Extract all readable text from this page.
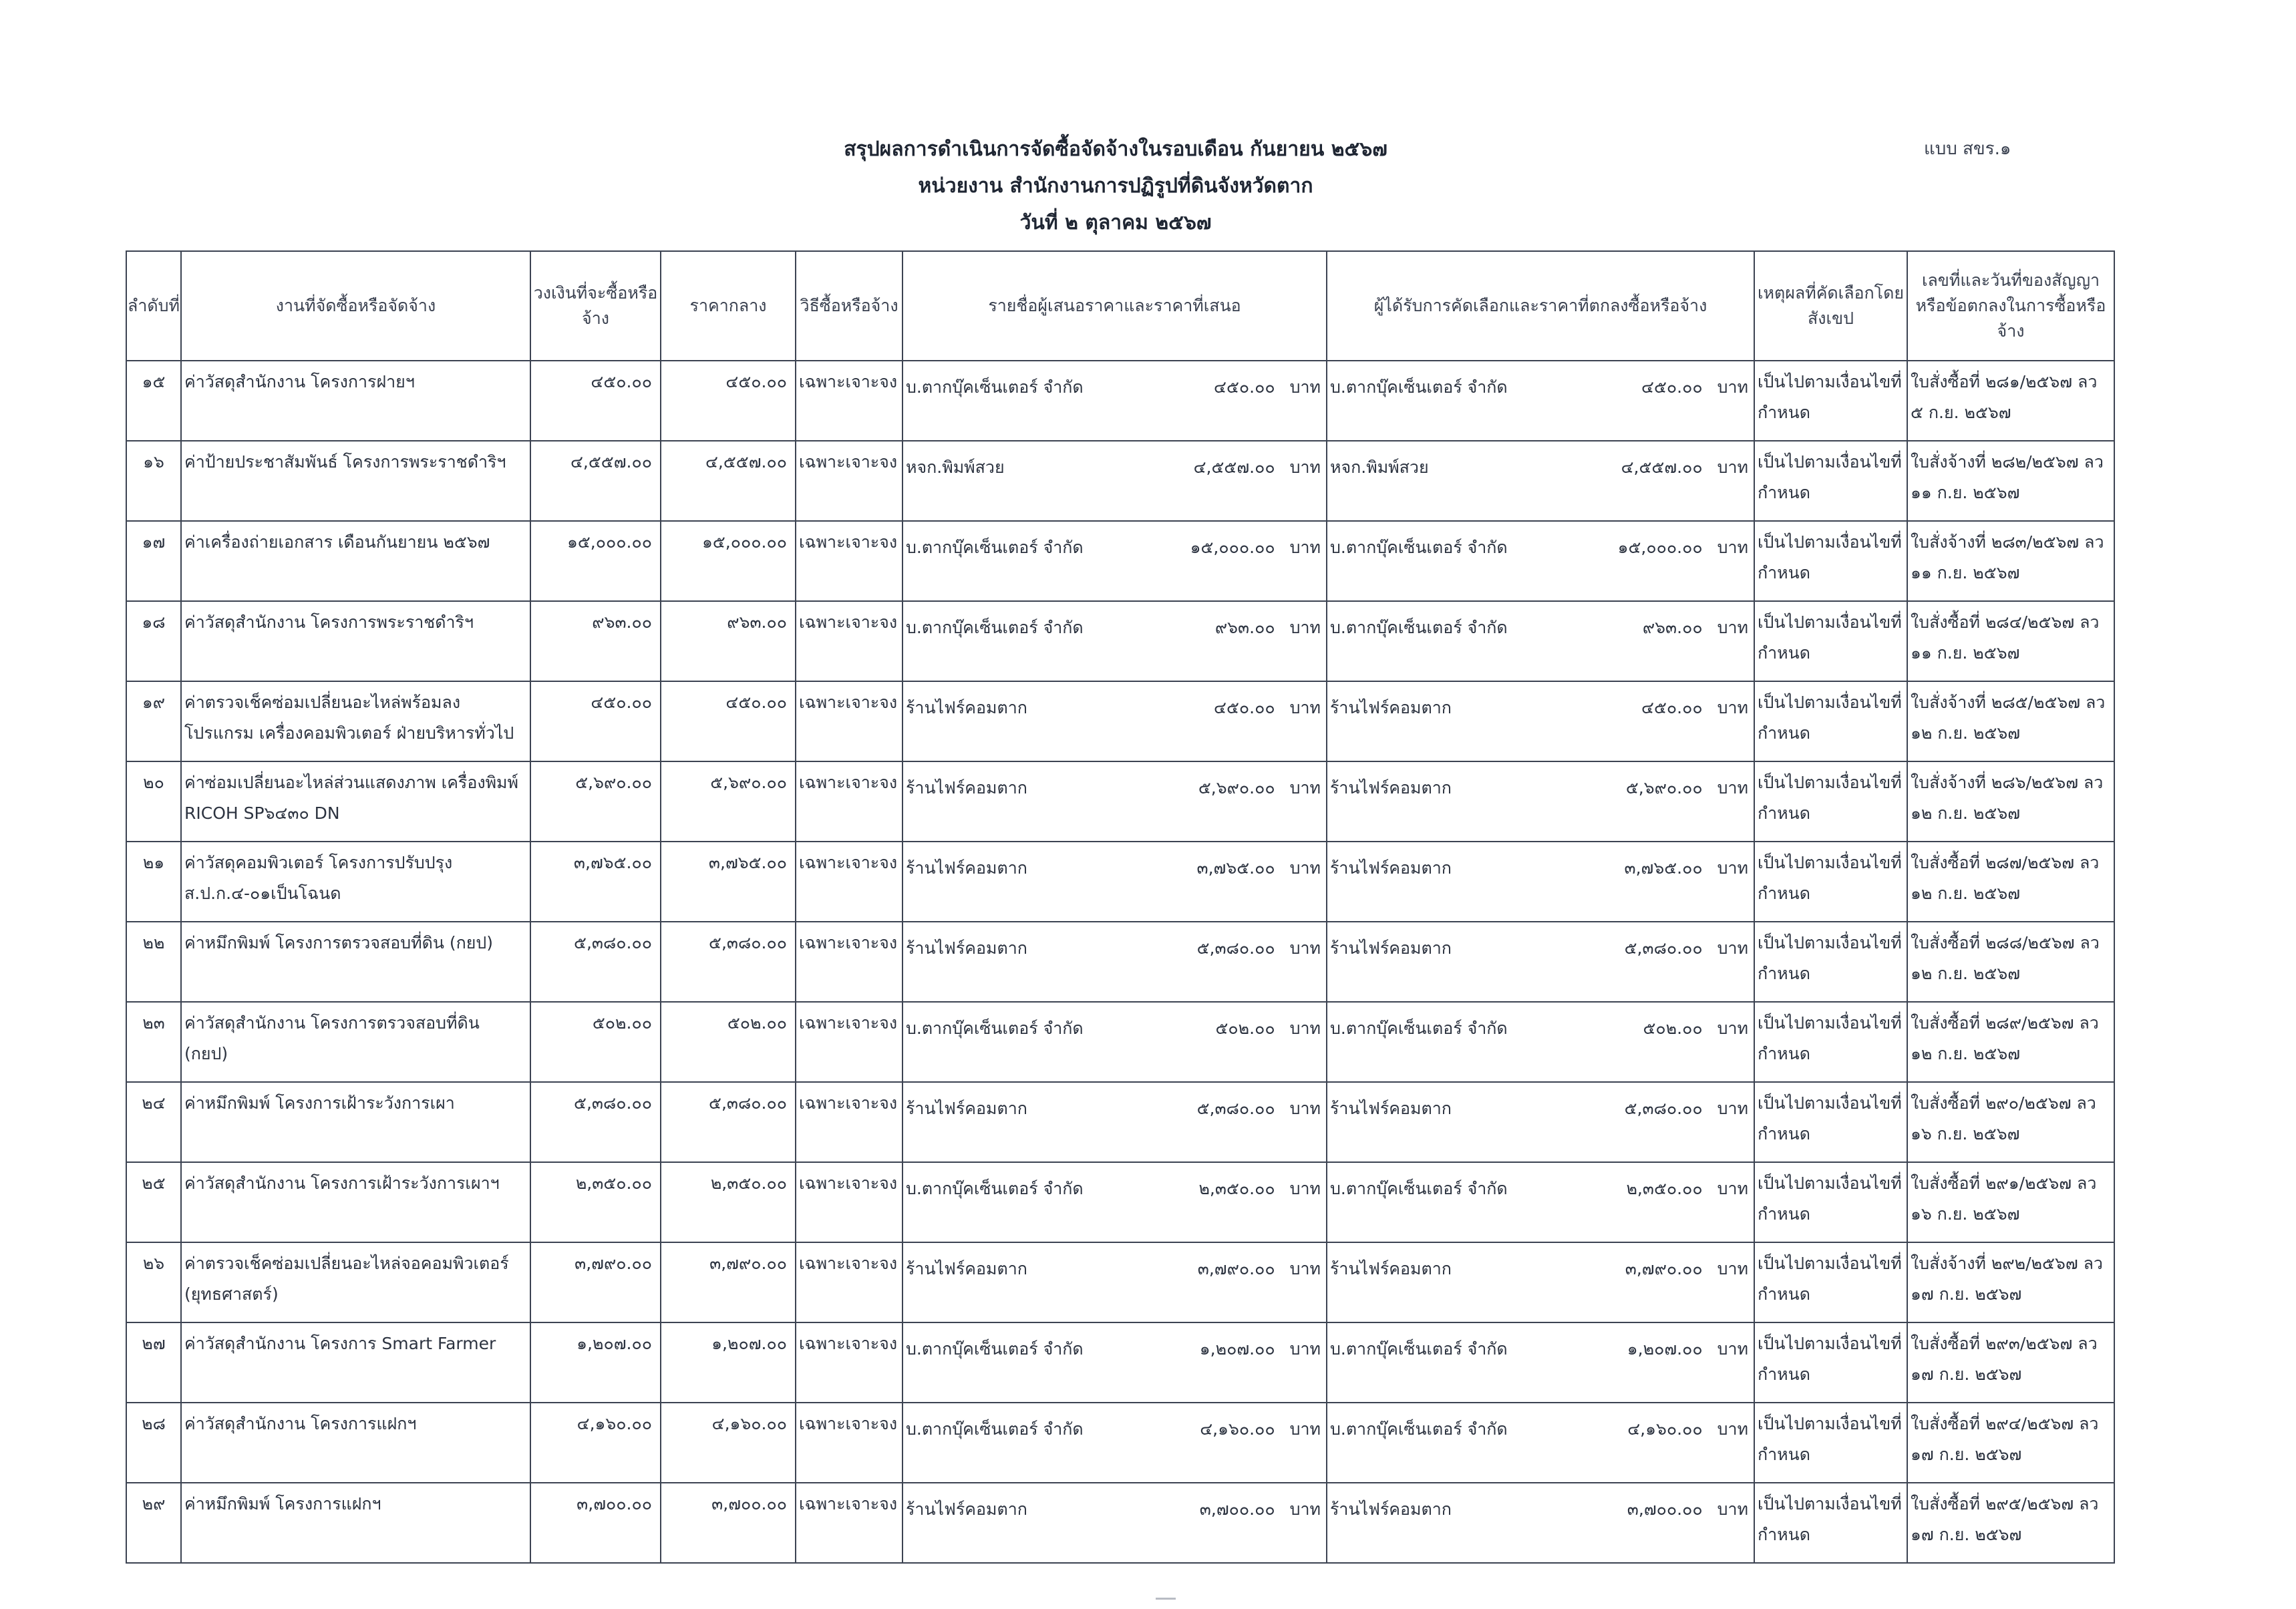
แบบ สขร.๑
สรุปผลการดำเนินการจัดซื้อจัดจ้างในรอบเดือน กันยายน ๒๕๖๗
หน่วยงาน สำนักงานการปฏิรูปที่ดินจังหวัดตาก
วันที่ ๒ ตุลาคม ๒๕๖๗
ลำดับที่	งานที่จัดซื้อหรือจัดจ้าง	วงเงินที่จะซื้อหรือจ้าง	ราคากลาง	วิธีซื้อหรือจ้าง	รายชื่อผู้เสนอราคาและราคาที่เสนอ	ผู้ได้รับการคัดเลือกและราคาที่ตกลงซื้อหรือจ้าง	เหตุผลที่คัดเลือกโดยสังเขป	เลขที่และวันที่ของสัญญาหรือข้อตกลงในการซื้อหรือจ้าง
๑๕	ค่าวัสดุสำนักงาน โครงการฝายฯ	๔๕๐.๐๐	๔๕๐.๐๐	เฉพาะเจาะจง	บ.ตากบุ๊คเซ็นเตอร์ จำกัด ๔๕๐.๐๐ บาท	บ.ตากบุ๊คเซ็นเตอร์ จำกัด ๔๕๐.๐๐ บาท	เป็นไปตามเงื่อนไขที่กำหนด	ใบสั่งซื้อที่ ๒๘๑/๒๕๖๗ ลว ๕ ก.ย. ๒๕๖๗
๑๖	ค่าป้ายประชาสัมพันธ์ โครงการพระราชดำริฯ	๔,๕๕๗.๐๐	๔,๕๕๗.๐๐	เฉพาะเจาะจง	หจก.พิมพ์สวย ๔,๕๕๗.๐๐ บาท	หจก.พิมพ์สวย ๔,๕๕๗.๐๐ บาท	เป็นไปตามเงื่อนไขที่กำหนด	ใบสั่งจ้างที่ ๒๘๒/๒๕๖๗ ลว ๑๑ ก.ย. ๒๕๖๗
๑๗	ค่าเครื่องถ่ายเอกสาร เดือนกันยายน ๒๕๖๗	๑๕,๐๐๐.๐๐	๑๕,๐๐๐.๐๐	เฉพาะเจาะจง	บ.ตากบุ๊คเซ็นเตอร์ จำกัด ๑๕,๐๐๐.๐๐ บาท	บ.ตากบุ๊คเซ็นเตอร์ จำกัด ๑๕,๐๐๐.๐๐ บาท	เป็นไปตามเงื่อนไขที่กำหนด	ใบสั่งจ้างที่ ๒๘๓/๒๕๖๗ ลว ๑๑ ก.ย. ๒๕๖๗
๑๘	ค่าวัสดุสำนักงาน โครงการพระราชดำริฯ	๙๖๓.๐๐	๙๖๓.๐๐	เฉพาะเจาะจง	บ.ตากบุ๊คเซ็นเตอร์ จำกัด ๙๖๓.๐๐ บาท	บ.ตากบุ๊คเซ็นเตอร์ จำกัด ๙๖๓.๐๐ บาท	เป็นไปตามเงื่อนไขที่กำหนด	ใบสั่งซื้อที่ ๒๘๔/๒๕๖๗ ลว ๑๑ ก.ย. ๒๕๖๗
๑๙	ค่าตรวจเช็คซ่อมเปลี่ยนอะไหล่พร้อมลงโปรแกรม เครื่องคอมพิวเตอร์ ฝ่ายบริหารทั่วไป	๔๕๐.๐๐	๔๕๐.๐๐	เฉพาะเจาะจง	ร้านไฟร์คอมตาก ๔๕๐.๐๐ บาท	ร้านไฟร์คอมตาก ๔๕๐.๐๐ บาท	เป็นไปตามเงื่อนไขที่กำหนด	ใบสั่งจ้างที่ ๒๘๕/๒๕๖๗ ลว ๑๒ ก.ย. ๒๕๖๗
๒๐	ค่าซ่อมเปลี่ยนอะไหล่ส่วนแสดงภาพ เครื่องพิมพ์ RICOH SP๖๔๓๐ DN	๕,๖๙๐.๐๐	๕,๖๙๐.๐๐	เฉพาะเจาะจง	ร้านไฟร์คอมตาก ๕,๖๙๐.๐๐ บาท	ร้านไฟร์คอมตาก ๕,๖๙๐.๐๐ บาท	เป็นไปตามเงื่อนไขที่กำหนด	ใบสั่งจ้างที่ ๒๘๖/๒๕๖๗ ลว ๑๒ ก.ย. ๒๕๖๗
๒๑	ค่าวัสดุคอมพิวเตอร์ โครงการปรับปรุง ส.ป.ก.๔-๐๑เป็นโฉนด	๓,๗๖๕.๐๐	๓,๗๖๕.๐๐	เฉพาะเจาะจง	ร้านไฟร์คอมตาก ๓,๗๖๕.๐๐ บาท	ร้านไฟร์คอมตาก ๓,๗๖๕.๐๐ บาท	เป็นไปตามเงื่อนไขที่กำหนด	ใบสั่งซื้อที่ ๒๘๗/๒๕๖๗ ลว ๑๒ ก.ย. ๒๕๖๗
๒๒	ค่าหมึกพิมพ์ โครงการตรวจสอบที่ดิน (กยป)	๕,๓๘๐.๐๐	๕,๓๘๐.๐๐	เฉพาะเจาะจง	ร้านไฟร์คอมตาก ๕,๓๘๐.๐๐ บาท	ร้านไฟร์คอมตาก ๕,๓๘๐.๐๐ บาท	เป็นไปตามเงื่อนไขที่กำหนด	ใบสั่งซื้อที่ ๒๘๘/๒๕๖๗ ลว ๑๒ ก.ย. ๒๕๖๗
๒๓	ค่าวัสดุสำนักงาน โครงการตรวจสอบที่ดิน (กยป)	๕๐๒.๐๐	๕๐๒.๐๐	เฉพาะเจาะจง	บ.ตากบุ๊คเซ็นเตอร์ จำกัด ๕๐๒.๐๐ บาท	บ.ตากบุ๊คเซ็นเตอร์ จำกัด ๕๐๒.๐๐ บาท	เป็นไปตามเงื่อนไขที่กำหนด	ใบสั่งซื้อที่ ๒๘๙/๒๕๖๗ ลว ๑๒ ก.ย. ๒๕๖๗
๒๔	ค่าหมึกพิมพ์ โครงการเฝ้าระวังการเผา	๕,๓๘๐.๐๐	๕,๓๘๐.๐๐	เฉพาะเจาะจง	ร้านไฟร์คอมตาก ๕,๓๘๐.๐๐ บาท	ร้านไฟร์คอมตาก ๕,๓๘๐.๐๐ บาท	เป็นไปตามเงื่อนไขที่กำหนด	ใบสั่งซื้อที่ ๒๙๐/๒๕๖๗ ลว ๑๖ ก.ย. ๒๕๖๗
๒๕	ค่าวัสดุสำนักงาน โครงการเฝ้าระวังการเผาฯ	๒,๓๕๐.๐๐	๒,๓๕๐.๐๐	เฉพาะเจาะจง	บ.ตากบุ๊คเซ็นเตอร์ จำกัด ๒,๓๕๐.๐๐ บาท	บ.ตากบุ๊คเซ็นเตอร์ จำกัด ๒,๓๕๐.๐๐ บาท	เป็นไปตามเงื่อนไขที่กำหนด	ใบสั่งซื้อที่ ๒๙๑/๒๕๖๗ ลว ๑๖ ก.ย. ๒๕๖๗
๒๖	ค่าตรวจเช็คซ่อมเปลี่ยนอะไหล่จอคอมพิวเตอร์ (ยุทธศาสตร์)	๓,๗๙๐.๐๐	๓,๗๙๐.๐๐	เฉพาะเจาะจง	ร้านไฟร์คอมตาก ๓,๗๙๐.๐๐ บาท	ร้านไฟร์คอมตาก ๓,๗๙๐.๐๐ บาท	เป็นไปตามเงื่อนไขที่กำหนด	ใบสั่งจ้างที่ ๒๙๒/๒๕๖๗ ลว ๑๗ ก.ย. ๒๕๖๗
๒๗	ค่าวัสดุสำนักงาน โครงการ Smart Farmer	๑,๒๐๗.๐๐	๑,๒๐๗.๐๐	เฉพาะเจาะจง	บ.ตากบุ๊คเซ็นเตอร์ จำกัด ๑,๒๐๗.๐๐ บาท	บ.ตากบุ๊คเซ็นเตอร์ จำกัด ๑,๒๐๗.๐๐ บาท	เป็นไปตามเงื่อนไขที่กำหนด	ใบสั่งซื้อที่ ๒๙๓/๒๕๖๗ ลว ๑๗ ก.ย. ๒๕๖๗
๒๘	ค่าวัสดุสำนักงาน โครงการแฝกฯ	๔,๑๖๐.๐๐	๔,๑๖๐.๐๐	เฉพาะเจาะจง	บ.ตากบุ๊คเซ็นเตอร์ จำกัด ๔,๑๖๐.๐๐ บาท	บ.ตากบุ๊คเซ็นเตอร์ จำกัด ๔,๑๖๐.๐๐ บาท	เป็นไปตามเงื่อนไขที่กำหนด	ใบสั่งซื้อที่ ๒๙๔/๒๕๖๗ ลว ๑๗ ก.ย. ๒๕๖๗
๒๙	ค่าหมึกพิมพ์ โครงการแฝกฯ	๓,๗๐๐.๐๐	๓,๗๐๐.๐๐	เฉพาะเจาะจง	ร้านไฟร์คอมตาก ๓,๗๐๐.๐๐ บาท	ร้านไฟร์คอมตาก ๓,๗๐๐.๐๐ บาท	เป็นไปตามเงื่อนไขที่กำหนด	ใบสั่งซื้อที่ ๒๙๕/๒๕๖๗ ลว ๑๗ ก.ย. ๒๕๖๗
